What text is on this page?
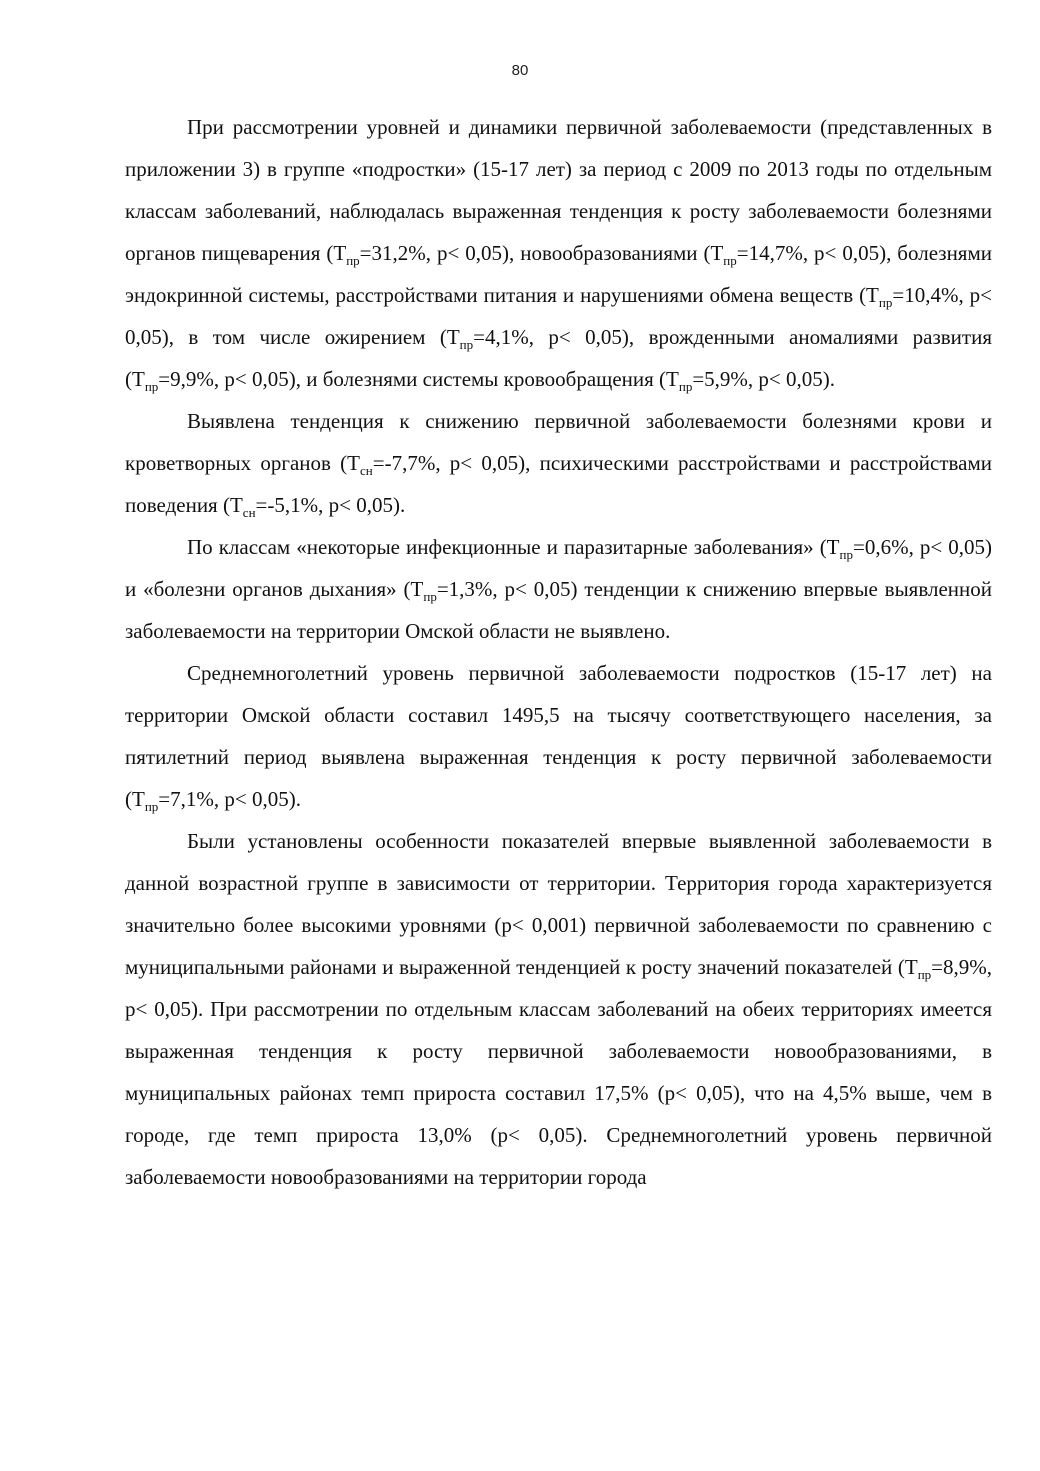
80

При рассмотрении уровней и динамики первичной заболеваемости (представленных в приложении 3) в группе «подростки» (15-17 лет) за период с 2009 по 2013 годы по отдельным классам заболеваний, наблюдалась выраженная тенденция к росту заболеваемости болезнями органов пищеварения ($Т_{пр}=31,2\%$, р< 0,05), новообразованиями ($Т_{пр}=14,7\%$, р< 0,05), болезнями эндокринной системы, расстройствами питания и нарушениями обмена веществ ($Т_{пр}=10,4\%$, р< 0,05), в том числе ожирением ($Т_{пр}=4,1\%$, р< 0,05), врожденными аномалиями развития ($Т_{пр}=9,9\%$, р< 0,05), и болезнями системы кровообращения ($Т_{пр}=5,9\%$, р< 0,05).

Выявлена тенденция к снижению первичной заболеваемости болезнями крови и кроветворных органов ($Т_{сн}=-7,7\%$, р< 0,05), психическими расстройствами и расстройствами поведения ($Т_{сн}=-5,1\%$, р< 0,05).

По классам «некоторые инфекционные и паразитарные заболевания» ($Т_{пр}=0,6\%$, р< 0,05) и «болезни органов дыхания» ($Т_{пр}=1,3\%$, р< 0,05) тенденции к снижению впервые выявленной заболеваемости на территории Омской области не выявлено.

Среднемноголетний уровень первичной заболеваемости подростков (15-17 лет) на территории Омской области составил 1495,5 на тысячу соответствующего населения, за пятилетний период выявлена выраженная тенденция к росту первичной заболеваемости ($Т_{пр}=7,1\%$, р< 0,05).

Были установлены особенности показателей впервые выявленной заболеваемости в данной возрастной группе в зависимости от территории. Территория города характеризуется значительно более высокими уровнями (р< 0,001) первичной заболеваемости по сравнению с муниципальными районами и выраженной тенденцией к росту значений показателей ($Т_{пр}=8,9\%$, р< 0,05). При рассмотрении по отдельным классам заболеваний на обеих территориях имеется выраженная тенденция к росту первичной заболеваемости новообразованиями, в муниципальных районах темп прироста составил 17,5% (р< 0,05), что на 4,5% выше, чем в городе, где темп прироста 13,0% (р< 0,05). Среднемноголетний уровень первичной заболеваемости новообразованиями на территории города
